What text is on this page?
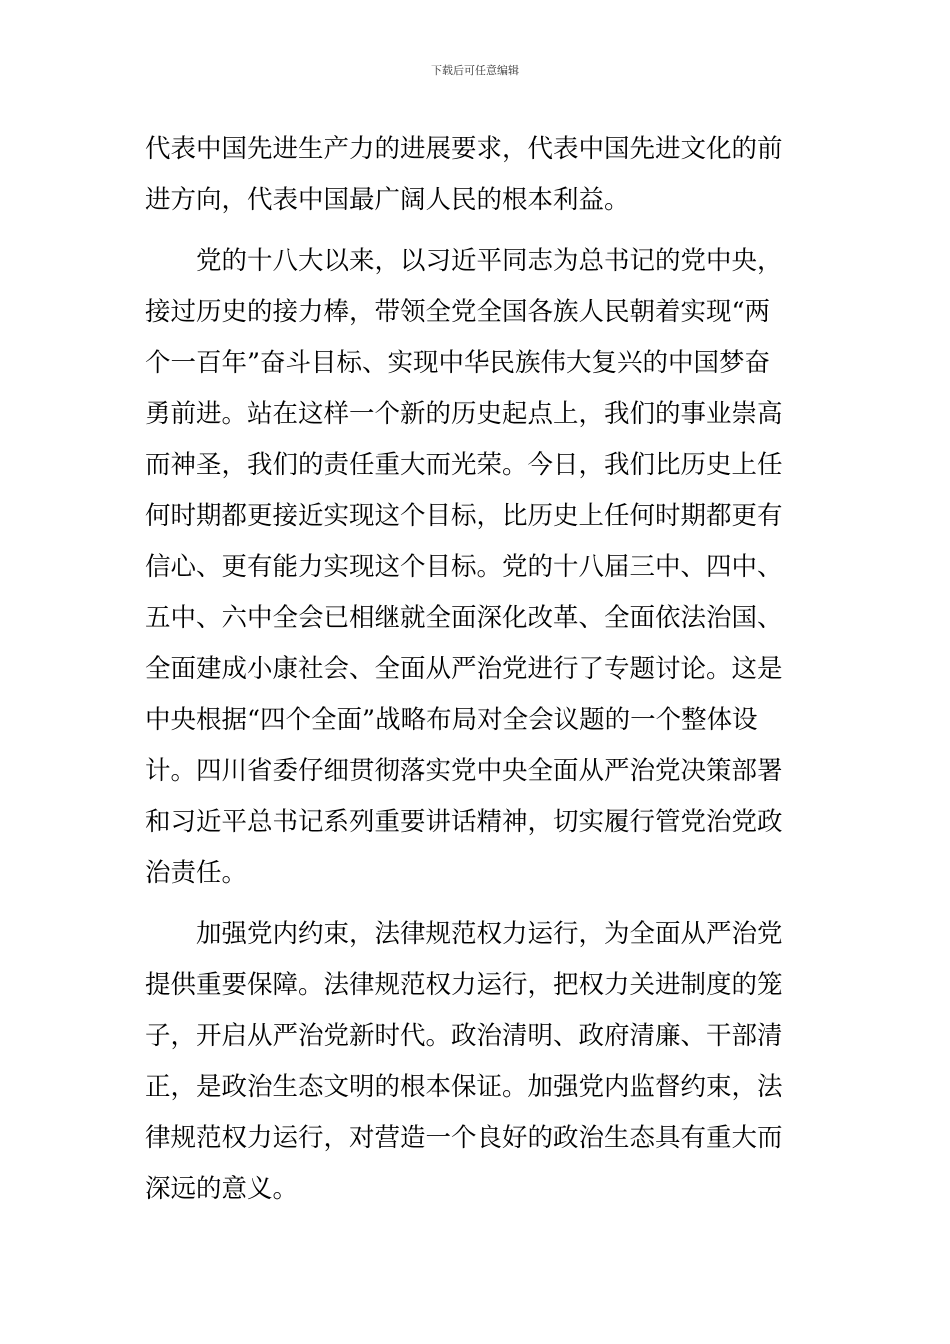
下载后可任意编辑
代表中国先进生产力的进展要求，代表中国先进文化的前
进方向，代表中国最广阔人民的根本利益。
党的十八大以来，以习近平同志为总书记的党中央，
接过历史的接力棒，带领全党全国各族人民朝着实现“两
个一百年”奋斗目标、实现中华民族伟大复兴的中国梦奋
勇前进。站在这样一个新的历史起点上，我们的事业崇高
而神圣，我们的责任重大而光荣。今日，我们比历史上任
何时期都更接近实现这个目标，比历史上任何时期都更有
信心、更有能力实现这个目标。党的十八届三中、四中、
五中、六中全会已相继就全面深化改革、全面依法治国、
全面建成小康社会、全面从严治党进行了专题讨论。这是
中央根据“四个全面”战略布局对全会议题的一个整体设
计。四川省委仔细贯彻落实党中央全面从严治党决策部署
和习近平总书记系列重要讲话精神，切实履行管党治党政
治责任。
加强党内约束，法律规范权力运行，为全面从严治党
提供重要保障。法律规范权力运行，把权力关进制度的笼
子，开启从严治党新时代。政治清明、政府清廉、干部清
正，是政治生态文明的根本保证。加强党内监督约束，法
律规范权力运行，对营造一个良好的政治生态具有重大而
深远的意义。
